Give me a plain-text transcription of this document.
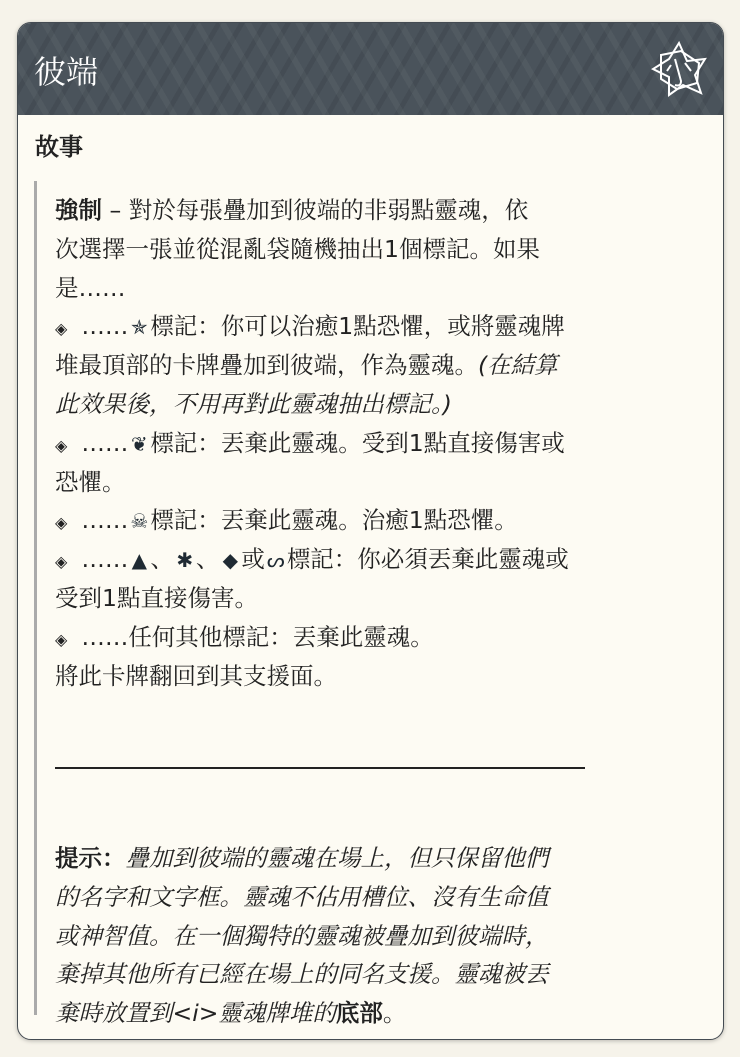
彼端
故事
強制 – 對於每張疊加到彼端的非弱點靈魂，依
次選擇一張並從混亂袋隨機抽出1個標記。如果
是……
◈ …… ✯ 標記：你可以治癒1點恐懼，或將靈魂牌
堆最頂部的卡牌疊加到彼端，作為靈魂。(在結算
此效果後，不用再對此靈魂抽出標記。)
◈ …… ❦ 標記：丟棄此靈魂。受到1點直接傷害或
恐懼。
◈ …… ☠標記：丟棄此靈魂。治癒1點恐懼。
◈ …… ▲ 、 ✱ 、 ◆ 或 ᔕ標記：你必須丟棄此靈魂或
受到1點直接傷害。
◈ ……任何其他標記：丟棄此靈魂。
將此卡牌翻回到其支援面。
提示：疊加到彼端的靈魂在場上，但只保留他們
的名字和文字框。靈魂不佔用槽位、沒有生命值
或神智值。在一個獨特的靈魂被疊加到彼端時，
棄掉其他所有已經在場上的同名支援。靈魂被丟
棄時放置到<i>靈魂牌堆的底部。
